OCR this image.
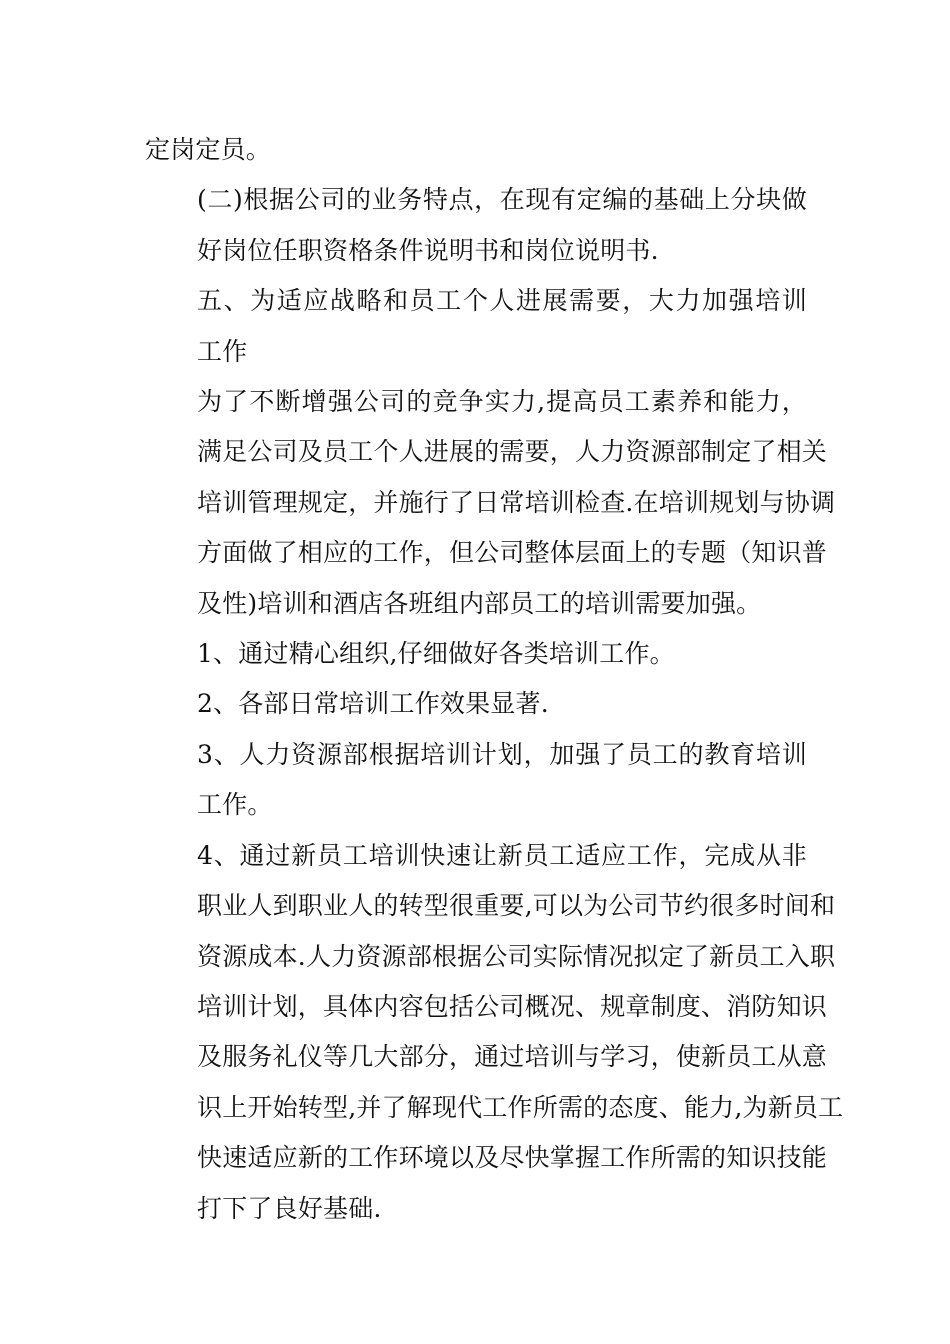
定岗定员。

(二)根据公司的业务特点，在现有定编的基础上分块做
好岗位任职资格条件说明书和岗位说明书.

五、为适应战略和员工个人进展需要，大力加强培训
工作

为了不断增强公司的竞争实力,提高员工素养和能力，
满足公司及员工个人进展的需要，人力资源部制定了相关
培训管理规定，并施行了日常培训检查.在培训规划与协调
方面做了相应的工作，但公司整体层面上的专题（知识普
及性)培训和酒店各班组内部员工的培训需要加强。

1、通过精心组织,仔细做好各类培训工作。

2、各部日常培训工作效果显著.

3、人力资源部根据培训计划，加强了员工的教育培训
工作。

4、通过新员工培训快速让新员工适应工作，完成从非
职业人到职业人的转型很重要,可以为公司节约很多时间和
资源成本.人力资源部根据公司实际情况拟定了新员工入职
培训计划，具体内容包括公司概况、规章制度、消防知识
及服务礼仪等几大部分，通过培训与学习，使新员工从意
识上开始转型,并了解现代工作所需的态度、能力,为新员工
快速适应新的工作环境以及尽快掌握工作所需的知识技能
打下了良好基础.
